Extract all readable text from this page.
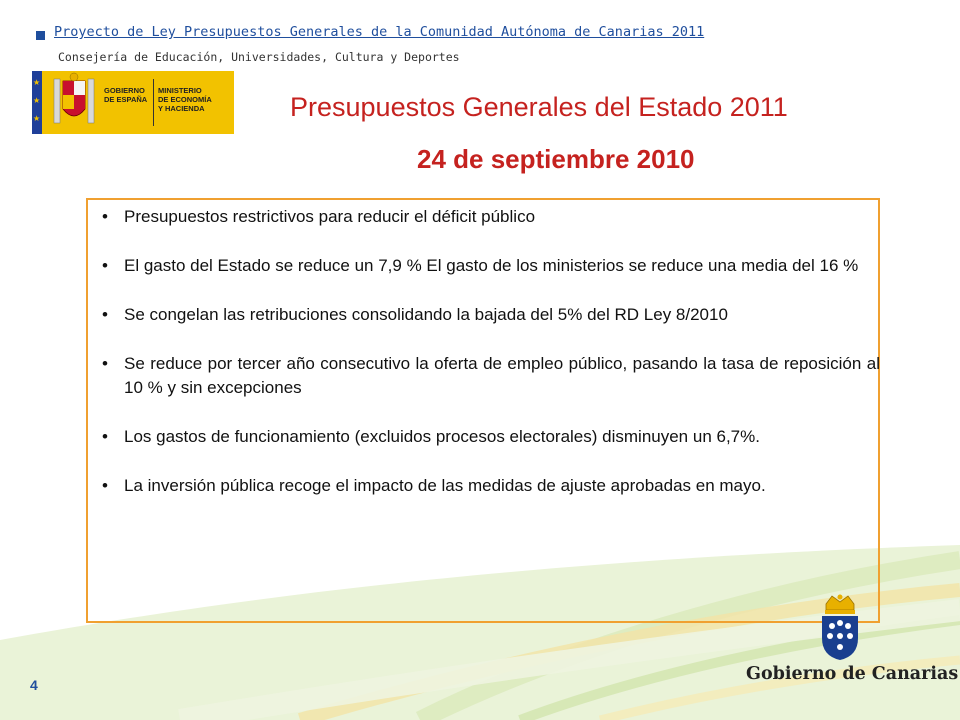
Proyecto de Ley Presupuestos Generales de la Comunidad Autónoma de Canarias 2011
Consejería de Educación, Universidades, Cultura y Deportes
★
★
★
GOBIERNO
DE ESPAÑA
MINISTERIO
DE ECONOMÍA
Y HACIENDA	Presupuestos Generales del Estado 2011
24 de septiembre 2010
• Presupuestos restrictivos para reducir el déficit público
• El gasto del Estado se reduce un 7,9 % El gasto de los ministerios se reduce una media del 16 %
• Se congelan las retribuciones consolidando la bajada del 5% del RD Ley 8/2010
• Se reduce por tercer año consecutivo la oferta de empleo público, pasando la tasa de reposición al 10 % y sin excepciones
• Los gastos de funcionamiento (excluidos procesos electorales) disminuyen un 6,7%.
• La inversión pública recoge el impacto de las medidas de ajuste aprobadas en mayo.
4
Gobierno de Canarias
